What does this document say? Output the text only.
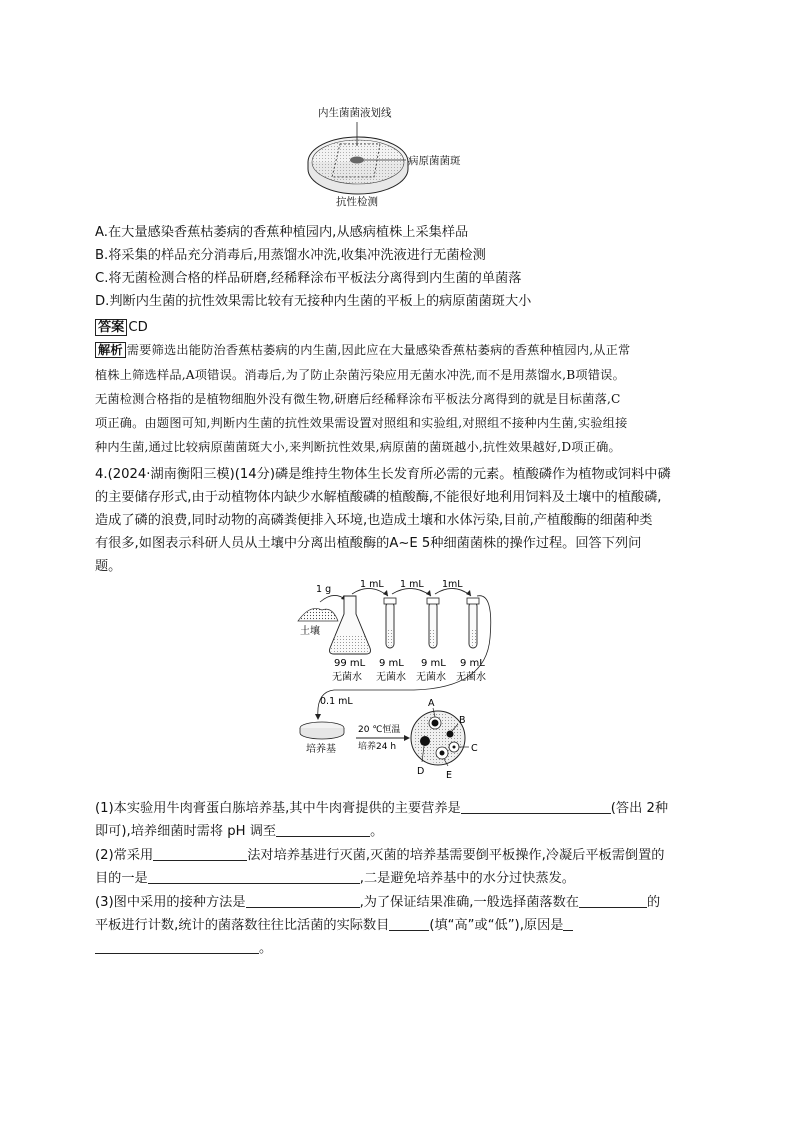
内生菌菌液划线
病原菌菌斑
抗性检测
A.在大量感染香蕉枯萎病的香蕉种植园内,从感病植株上采集样品
B.将采集的样品充分消毒后,用蒸馏水冲洗,收集冲洗液进行无菌检测
C.将无菌检测合格的样品研磨,经稀释涂布平板法分离得到内生菌的单菌落
D.判断内生菌的抗性效果需比较有无接种内生菌的平板上的病原菌菌斑大小
答案 CD
解析 需要筛选出能防治香蕉枯萎病的内生菌,因此应在大量感染香蕉枯萎病的香蕉种植园内,从正常
植株上筛选样品,A项错误。消毒后,为了防止杂菌污染应用无菌水冲洗,而不是用蒸馏水,B项错误。
无菌检测合格指的是植物细胞外没有微生物,研磨后经稀释涂布平板法分离得到的就是目标菌落,C
项正确。由题图可知,判断内生菌的抗性效果需设置对照组和实验组,对照组不接种内生菌,实验组接
种内生菌,通过比较病原菌菌斑大小,来判断抗性效果,病原菌的菌斑越小,抗性效果越好,D项正确。
4.(2024·湖南衡阳三模)(14分)磷是维持生物体生长发育所必需的元素。植酸磷作为植物或饲料中磷
的主要储存形式,由于动植物体内缺少水解植酸磷的植酸酶,不能很好地利用饲料及土壤中的植酸磷,
造成了磷的浪费,同时动物的高磷粪便排入环境,也造成土壤和水体污染,目前,产植酸酶的细菌种类
有很多,如图表示科研人员从土壤中分离出植酸酶的A~E 5种细菌菌株的操作过程。回答下列问
题。
1 g
土壤
1 mL 1 mL 1mL
99 mL 9 mL 9 mL 9 mL
无菌水 无菌水 无菌水 无菌水
0.1 mL
培养基
20 ℃恒温
培养24 h
A
B
C
D E
(1)本实验用牛肉膏蛋白胨培养基,其中牛肉膏提供的主要营养是	(答出 2种
即可),培养细菌时需将 pH 调至	。
(2)常采用	法对培养基进行灭菌,灭菌的培养基需要倒平板操作,冷凝后平板需倒置的
目的一是	,二是避免培养基中的水分过快蒸发。
(3)图中采用的接种方法是	,为了保证结果准确,一般选择菌落数在	的
平板进行计数,统计的菌落数往往比活菌的实际数目	(填“高”或“低”),原因是
。
